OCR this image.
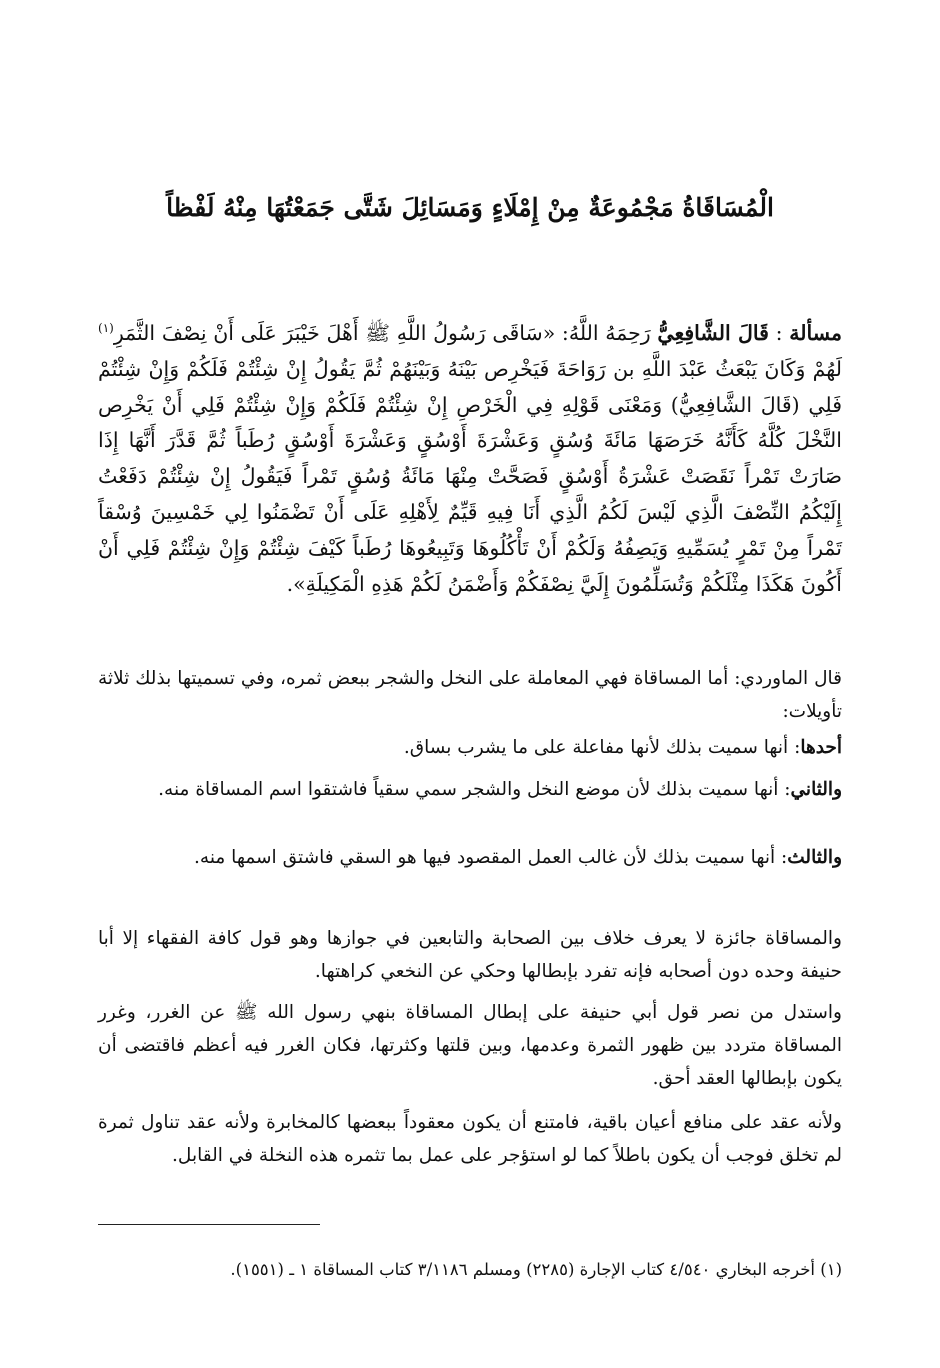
الْمُسَاقَاةُ مَجْمُوعَةٌ مِنْ إِمْلَاءٍ وَمَسَائِلَ شَتَّى جَمَعْتُهَا مِنْهُ لَفْظاً
مسألة : قَالَ الشَّافِعِيُّ رَحِمَهُ اللَّهُ: «سَاقَى رَسُولُ اللَّهِ ﷺ أَهْلَ خَيْبَرَ عَلَى أَنْ نِصْفَ الثَّمَرِ$^{(١)}$ لَهُمْ وَكَانَ يَبْعَثُ عَبْدَ اللَّهِ بن رَوَاحَةَ فَيَخْرِص بَيْنَهُ وَبَيْنَهُمْ ثُمَّ يَقُولُ إِنْ شِئْتُمْ فَلَكُمْ وَإِنْ شِئْتُمْ فَلِي (قَالَ الشَّافِعِيُّ) وَمَعْنَى قَوْلِهِ فِي الْخَرْصِ إِنْ شِئْتُمْ فَلَكُمْ وَإِنْ شِئْتُمْ فَلِي أَنْ يَخْرِص النَّخْلَ كُلَّهُ كَأَنَّهُ خَرَصَهَا مَائَةَ وُسُقٍ وَعَشْرَةَ أَوْسُقٍ وَعَشْرَةَ أَوْسُقٍ رُطَباً ثُمَّ قَدَّرَ أَنَّهَا إِذَا صَارَتْ تَمْراً نَقَصَتْ عَشْرَةُ أَوْسُقٍ فَصَحَّتْ مِنْهَا مَائَةُ وُسُقٍ تَمْراً فَيَقُولُ إِنْ شِئْتُمْ دَفَعْتُ إِلَيْكُمُ النِّصْفَ الَّذِي لَيْسَ لَكُمُ الَّذِي أَنَا فِيهِ قَيِّمٌ لِأَهْلِهِ عَلَى أَنْ تَضْمَنُوا لِي خَمْسِينَ وُسْقاً تَمْراً مِنْ تَمْرٍ يُسَمِّيهِ وَيَصِفُهُ وَلَكُمْ أَنْ تَأْكُلُوهَا وَتَبِيعُوهَا رُطَباً كَيْفَ شِئْتُمْ وَإِنْ شِئْتُمْ فَلِي أَنْ أَكُونَ هَكَذَا مِثْلَكُمْ وَتُسَلِّمُونَ إِلَيَّ نِصْفَكُمْ وَأَضْمَنُ لَكُمْ هَذِهِ الْمَكِيلَةِ».
قال الماوردي: أما المساقاة فهي المعاملة على النخل والشجر ببعض ثمره، وفي تسميتها بذلك ثلاثة تأويلات:
أحدها: أنها سميت بذلك لأنها مفاعلة على ما يشرب بساق.
والثاني: أنها سميت بذلك لأن موضع النخل والشجر سمي سقياً فاشتقوا اسم المساقاة منه.
والثالث: أنها سميت بذلك لأن غالب العمل المقصود فيها هو السقي فاشتق اسمها منه.
والمساقاة جائزة لا يعرف خلاف بين الصحابة والتابعين في جوازها وهو قول كافة الفقهاء إلا أبا حنيفة وحده دون أصحابه فإنه تفرد بإبطالها وحكي عن النخعي كراهتها.
واستدل من نصر قول أبي حنيفة على إبطال المساقاة بنهي رسول الله ﷺ عن الغرر، وغرر المساقاة متردد بين ظهور الثمرة وعدمها، وبين قلتها وكثرتها، فكان الغرر فيه أعظم فاقتضى أن يكون بإبطالها العقد أحق.
ولأنه عقد على منافع أعيان باقية، فامتنع أن يكون معقوداً ببعضها كالمخابرة ولأنه عقد تناول ثمرة لم تخلق فوجب أن يكون باطلاً كما لو استؤجر على عمل بما تثمره هذه النخلة في القابل.
(١) أخرجه البخاري ٤/٥٤٠ كتاب الإجارة (٢٢٨٥) ومسلم ٣/١١٨٦ كتاب المساقاة ١ ـ (١٥٥١).
